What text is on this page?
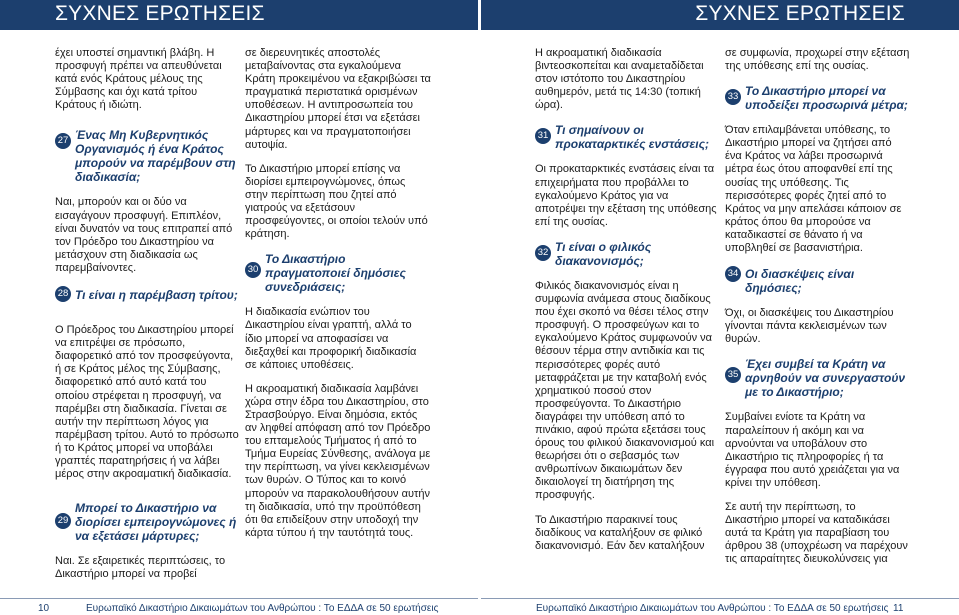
ΣΥΧΝΕΣ ΕΡΩΤΗΣΕΙΣ	ΣΥΧΝΕΣ ΕΡΩΤΗΣΕΙΣ

έχει υποστεί σημαντική βλάβη. Η προσφυγή πρέπει να απευθύνεται κατά ενός Κράτους μέλους της Σύμβασης και όχι κατά τρίτου Κράτους ή ιδιώτη.

27 Ένας Μη Κυβερνητικός Οργανισμός ή ένα Κράτος μπορούν να παρέμβουν στη διαδικασία;

Ναι, μπορούν και οι δύο να εισαγάγουν προσφυγή. Επιπλέον, είναι δυνατόν να τους επιτραπεί από τον Πρόεδρο του Δικαστηρίου να μετάσχουν στη διαδικασία ως παρεμβαίνοντες.

28 Τι είναι η παρέμβαση τρίτου;

Ο Πρόεδρος του Δικαστηρίου μπορεί να επιτρέψει σε πρόσωπο, διαφορετικό από τον προσφεύγοντα, ή σε Κράτος μέλος της Σύμβασης, διαφορετικό από αυτό κατά του οποίου στρέφεται η προσφυγή, να παρέμβει στη διαδικασία. Γίνεται σε αυτήν την περίπτωση λόγος για παρέμβαση τρίτου. Αυτό το πρόσωπο ή το Κράτος μπορεί να υποβάλει γραπτές παρατηρήσεις ή να λάβει μέρος στην ακροαματική διαδικασία.

29
Μπορεί το Δικαστήριο να διορίσει εμπειρογνώμονες ή να εξετάσει μάρτυρες;

Ναι. Σε εξαιρετικές περιπτώσεις, το Δικαστήριο μπορεί να προβεί

σε διερευνητικές αποστολές μεταβαίνοντας στα εγκαλούμενα Κράτη προκειμένου να εξακριβώσει τα πραγματικά περιστατικά ορισμένων υποθέσεων. Η αντιπροσωπεία του Δικαστηρίου μπορεί έτσι να εξετάσει μάρτυρες και να πραγματοποιήσει αυτοψία.

Το Δικαστήριο μπορεί επίσης να διορίσει εμπειρογνώμονες, όπως στην περίπτωση που ζητεί από γιατρούς να εξετάσουν προσφεύγοντες, οι οποίοι τελούν υπό κράτηση.

30
Το Δικαστήριο πραγματοποιεί δημόσιες συνεδριάσεις;

Η διαδικασία ενώπιον του Δικαστηρίου είναι γραπτή, αλλά το ίδιο μπορεί να αποφασίσει να διεξαχθεί και προφορική διαδικασία σε κάποιες υποθέσεις.

Η ακροαματική διαδικασία λαμβάνει χώρα στην έδρα του Δικαστηρίου, στο Στρασβούργο. Είναι δημόσια, εκτός αν ληφθεί απόφαση από τον Πρόεδρο του επταμελούς Τμήματος ή από το Τμήμα Ευρείας Σύνθεσης, ανάλογα με την περίπτωση, να γίνει κεκλεισμένων των θυρών. Ο Τύπος και το κοινό μπορούν να παρακολουθήσουν αυτήν τη διαδικασία, υπό την προϋπόθεση ότι θα επιδείξουν στην υποδοχή την κάρτα τύπου ή την ταυτότητά τους.

Η ακροαματική διαδικασία βιντεοσκοπείται και αναμεταδίδεται στον ιστότοπο του Δικαστηρίου αυθημερόν, μετά τις 14:30 (τοπική ώρα).

31 Τι σημαίνουν οι προκαταρκτικές ενστάσεις;

Οι προκαταρκτικές ενστάσεις είναι τα επιχειρήματα που προβάλλει το εγκαλούμενο Κράτος για να αποτρέψει την εξέταση της υπόθεσης επί της ουσίας.

32 Τι είναι ο φιλικός διακανονισμός;

Φιλικός διακανονισμός είναι η συμφωνία ανάμεσα στους διαδίκους που έχει σκοπό να θέσει τέλος στην προσφυγή. Ο προσφεύγων και το εγκαλούμενο Κράτος συμφωνούν να θέσουν τέρμα στην αντιδικία και τις περισσότερες φορές αυτό μεταφράζεται με την καταβολή ενός χρηματικού ποσού στον προσφεύγοντα. Το Δικαστήριο διαγράφει την υπόθεση από το πινάκιο, αφού πρώτα εξετάσει τους όρους του φιλικού διακανονισμού και θεωρήσει ότι ο σεβασμός των ανθρωπίνων δικαιωμάτων δεν δικαιολογεί τη διατήρηση της προσφυγής.

Το Δικαστήριο παρακινεί τους διαδίκους να καταλήξουν σε φιλικό διακανονισμό. Εάν δεν καταλήξουν

σε συμφωνία, προχωρεί στην εξέταση της υπόθεσης επί της ουσίας.

33 Το Δικαστήριο μπορεί να υποδείξει προσωρινά μέτρα;

Όταν επιλαμβάνεται υπόθεσης, το Δικαστήριο μπορεί να ζητήσει από ένα Κράτος να λάβει προσωρινά μέτρα έως ότου αποφανθεί επί της ουσίας της υπόθεσης. Τις περισσότερες φορές ζητεί από το Κράτος να μην απελάσει κάποιον σε κράτος όπου θα μπορούσε να καταδικαστεί σε θάνατο ή να υποβληθεί σε βασανιστήρια.

34 Οι διασκέψεις είναι δημόσιες;

Όχι, οι διασκέψεις του Δικαστηρίου γίνονται πάντα κεκλεισμένων των θυρών.

35
Έχει συμβεί τα Κράτη να αρνηθούν να συνεργαστούν με το Δικαστήριο;

Συμβαίνει ενίοτε τα Κράτη να παραλείπουν ή ακόμη και να αρνούνται να υποβάλουν στο Δικαστήριο τις πληροφορίες ή τα έγγραφα που αυτό χρειάζεται για να κρίνει την υπόθεση.

Σε αυτή την περίπτωση, το Δικαστήριο μπορεί να καταδικάσει αυτά τα Κράτη για παραβίαση του άρθρου 38 (υποχρέωση να παρέχουν τις απαραίτητες διευκολύνσεις για

10	Ευρωπαϊκό Δικαστήριο Δικαιωμάτων του Ανθρώπου : Το ΕΔΔΑ σε 50 ερωτήσεις	Ευρωπαϊκό Δικαστήριο Δικαιωμάτων του Ανθρώπου : Το ΕΔΔΑ σε 50 ερωτήσεις 11
